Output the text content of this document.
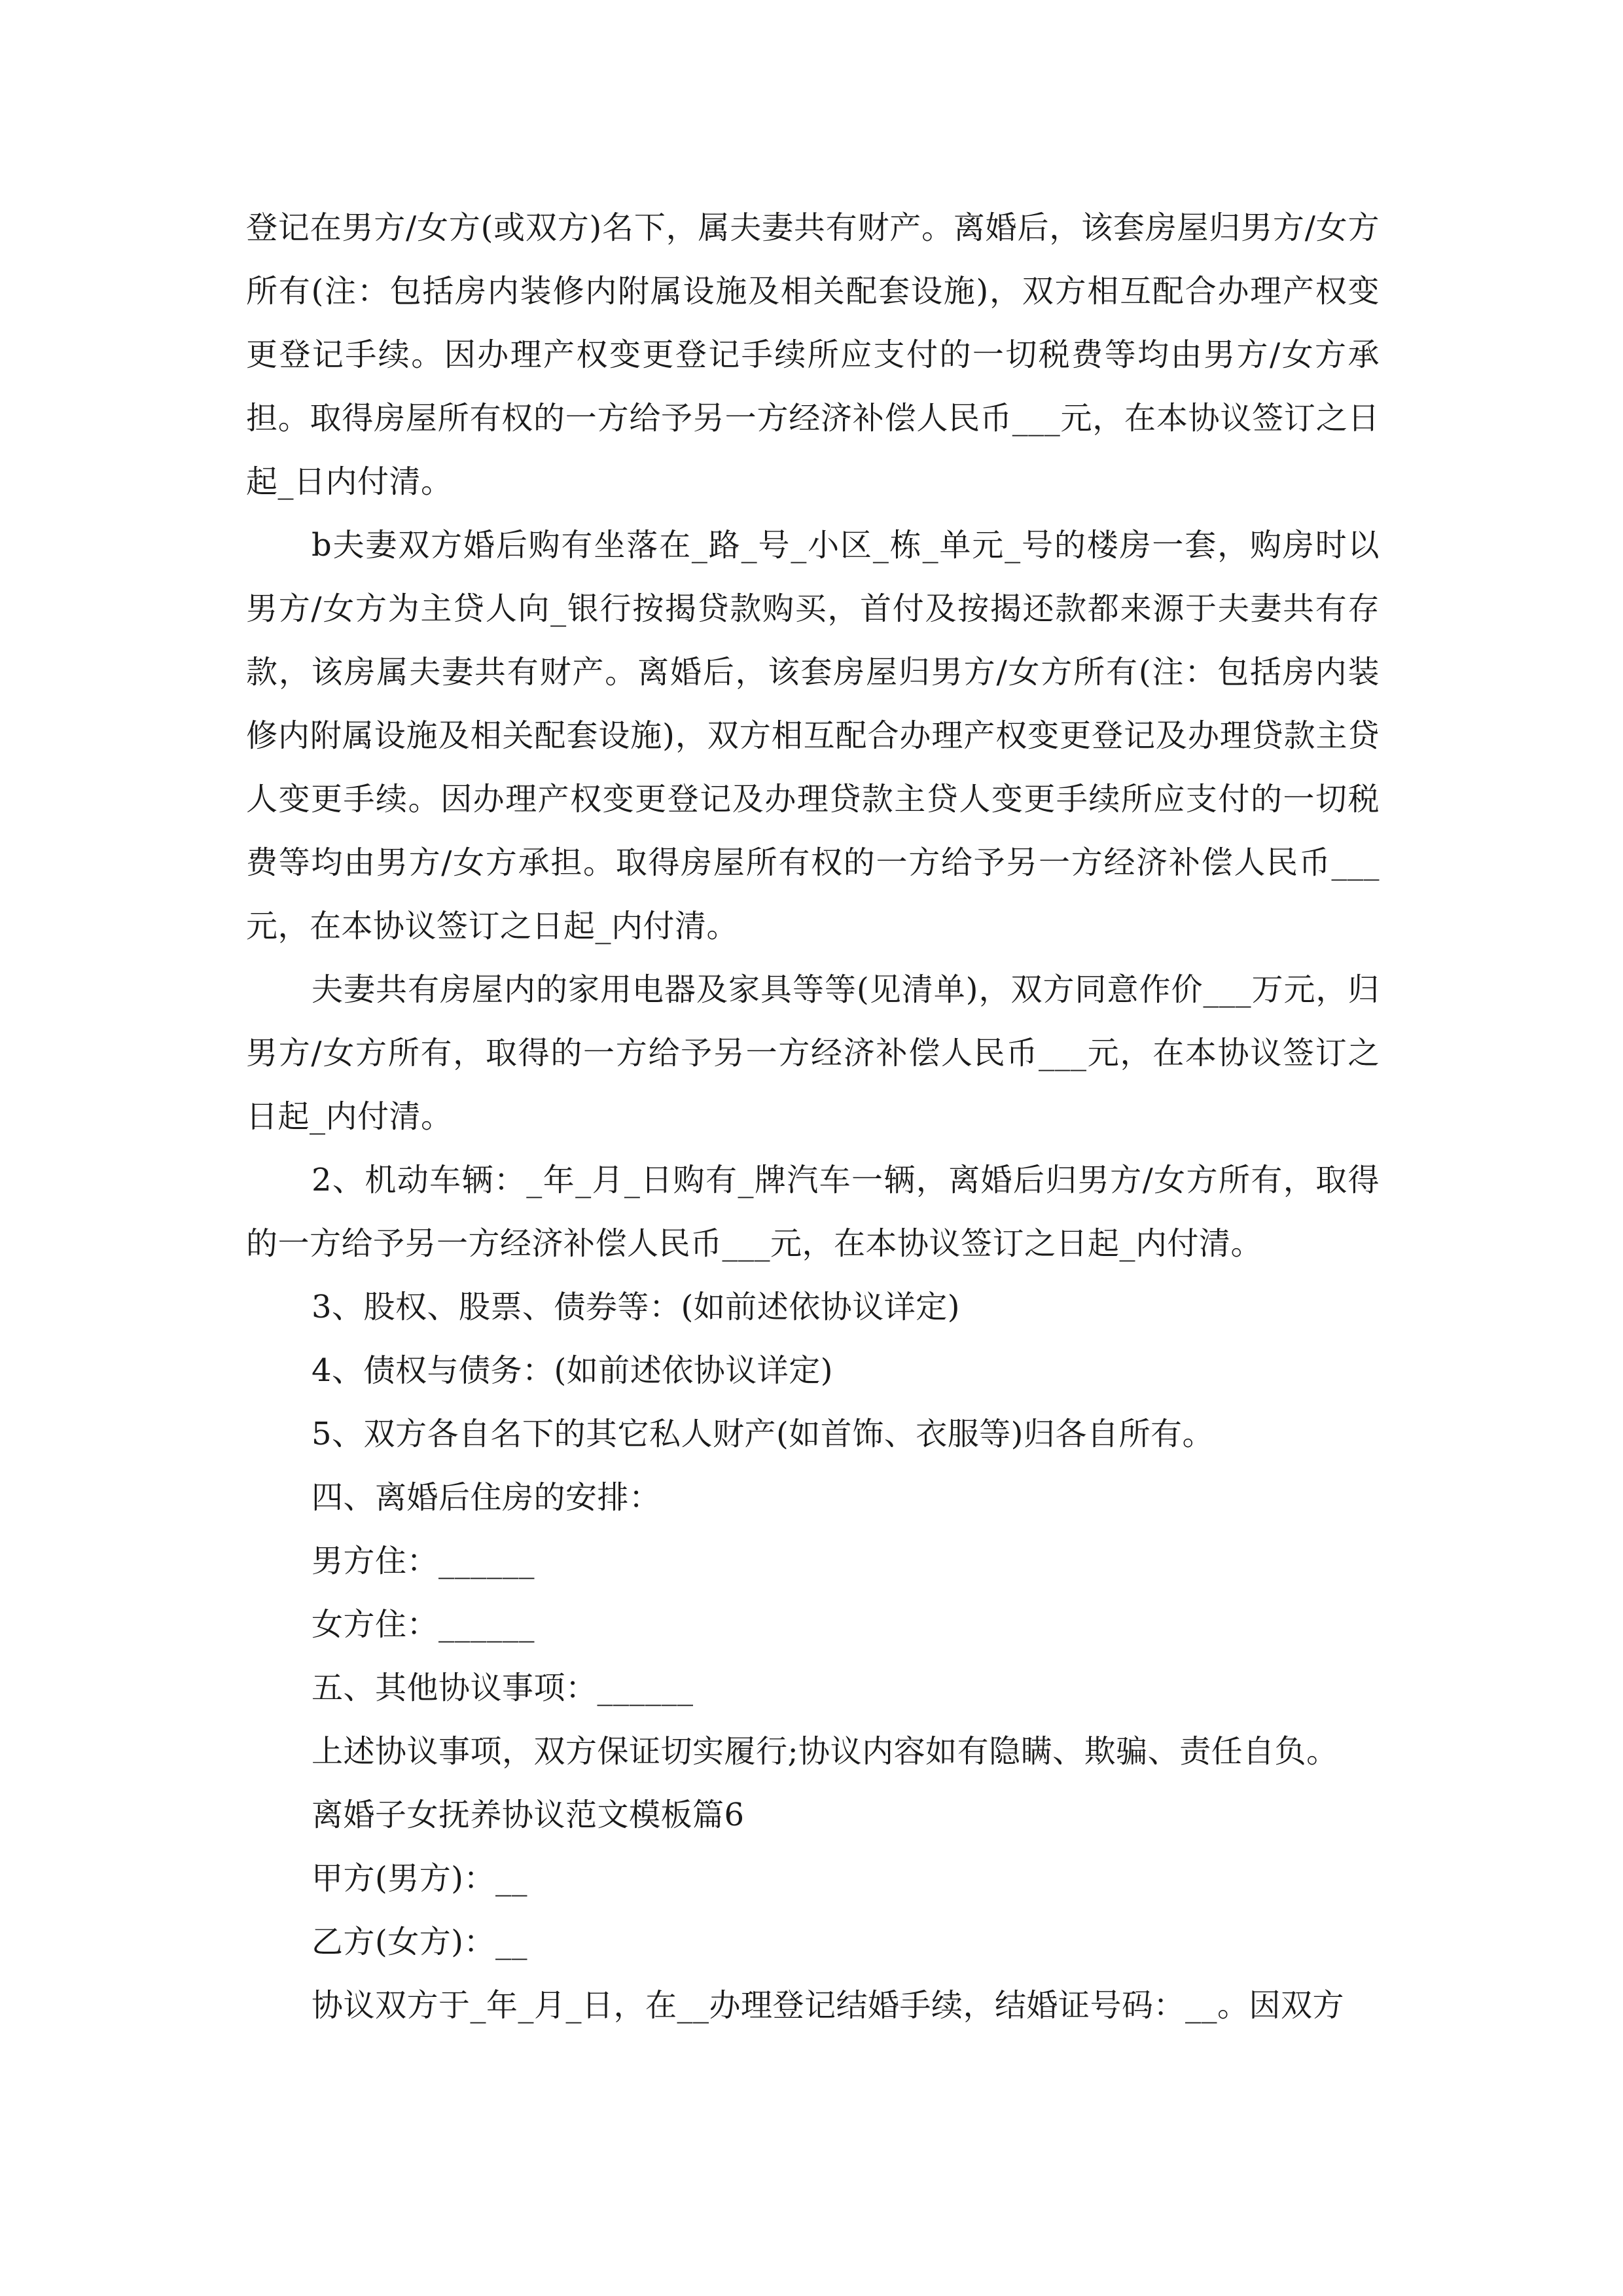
登记在男方/女方(或双方)名下，属夫妻共有财产。离婚后，该套房屋归男方/女方所有(注：包括房内装修内附属设施及相关配套设施)，双方相互配合办理产权变更登记手续。因办理产权变更登记手续所应支付的一切税费等均由男方/女方承担。取得房屋所有权的一方给予另一方经济补偿人民币___元，在本协议签订之日起_日内付清。

b夫妻双方婚后购有坐落在_路_号_小区_栋_单元_号的楼房一套，购房时以男方/女方为主贷人向_银行按揭贷款购买，首付及按揭还款都来源于夫妻共有存款，该房属夫妻共有财产。离婚后，该套房屋归男方/女方所有(注：包括房内装修内附属设施及相关配套设施)，双方相互配合办理产权变更登记及办理贷款主贷人变更手续。因办理产权变更登记及办理贷款主贷人变更手续所应支付的一切税费等均由男方/女方承担。取得房屋所有权的一方给予另一方经济补偿人民币___元，在本协议签订之日起_内付清。

夫妻共有房屋内的家用电器及家具等等(见清单)，双方同意作价___万元，归男方/女方所有，取得的一方给予另一方经济补偿人民币___元，在本协议签订之日起_内付清。

2、机动车辆：_年_月_日购有_牌汽车一辆，离婚后归男方/女方所有，取得的一方给予另一方经济补偿人民币___元，在本协议签订之日起_内付清。

3、股权、股票、债券等：(如前述依协议详定)

4、债权与债务：(如前述依协议详定)

5、双方各自名下的其它私人财产(如首饰、衣服等)归各自所有。

四、离婚后住房的安排：

男方住：______

女方住：______

五、其他协议事项：______

上述协议事项，双方保证切实履行;协议内容如有隐瞒、欺骗、责任自负。

离婚子女抚养协议范文模板篇6

甲方(男方)：__

乙方(女方)：__

协议双方于_年_月_日，在__办理登记结婚手续，结婚证号码：__。因双方
